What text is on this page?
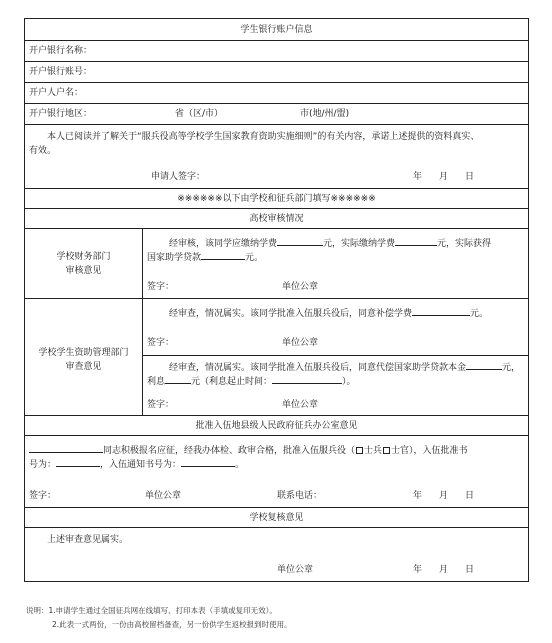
学生银行账户信息
开户银行名称：
开户银行账号：
开户人户名：
开户银行地区：	省（区/市）	市(地/州/盟)
本人已阅读并了解关于“服兵役高等学校学生国家教育资助实施细则”的有关内容，承诺上述提供的资料真实、
有效。
申请人签字：	年 月 日
※※※※※※以下由学校和征兵部门填写※※※※※※
高校审核情况
学校财务部门
审核意见
经审核，该同学应缴纳学费	元，实际缴纳学费	元，实际获得
国家助学贷款	元。
签字：	单位公章
学校学生资助管理部门
审查意见
经审查，情况属实。该同学批准入伍服兵役后，同意补偿学费	元。
签字：	单位公章
经审查，情况属实。该同学批准入伍服兵役后，同意代偿国家助学贷款本金	元，
利息	元（利息起止时间：	）。
签字：	单位公章
批准入伍地县级人民政府征兵办公室意见
同志积极报名应征，经我办体检、政审合格，批准入伍服兵役（ 士兵 士官），入伍批准书
号为：	，入伍通知书号为：	。
签字：	单位公章	联系电话：	年 月 日
学校复核意见
上述审查意见属实。
单位公章	年 月 日
说明：1.申请学生通过全国征兵网在线填写、打印本表（手填或复印无效）。
2.此表一式两份，一份由高校留档备查，另一份供学生返校报到时使用。
